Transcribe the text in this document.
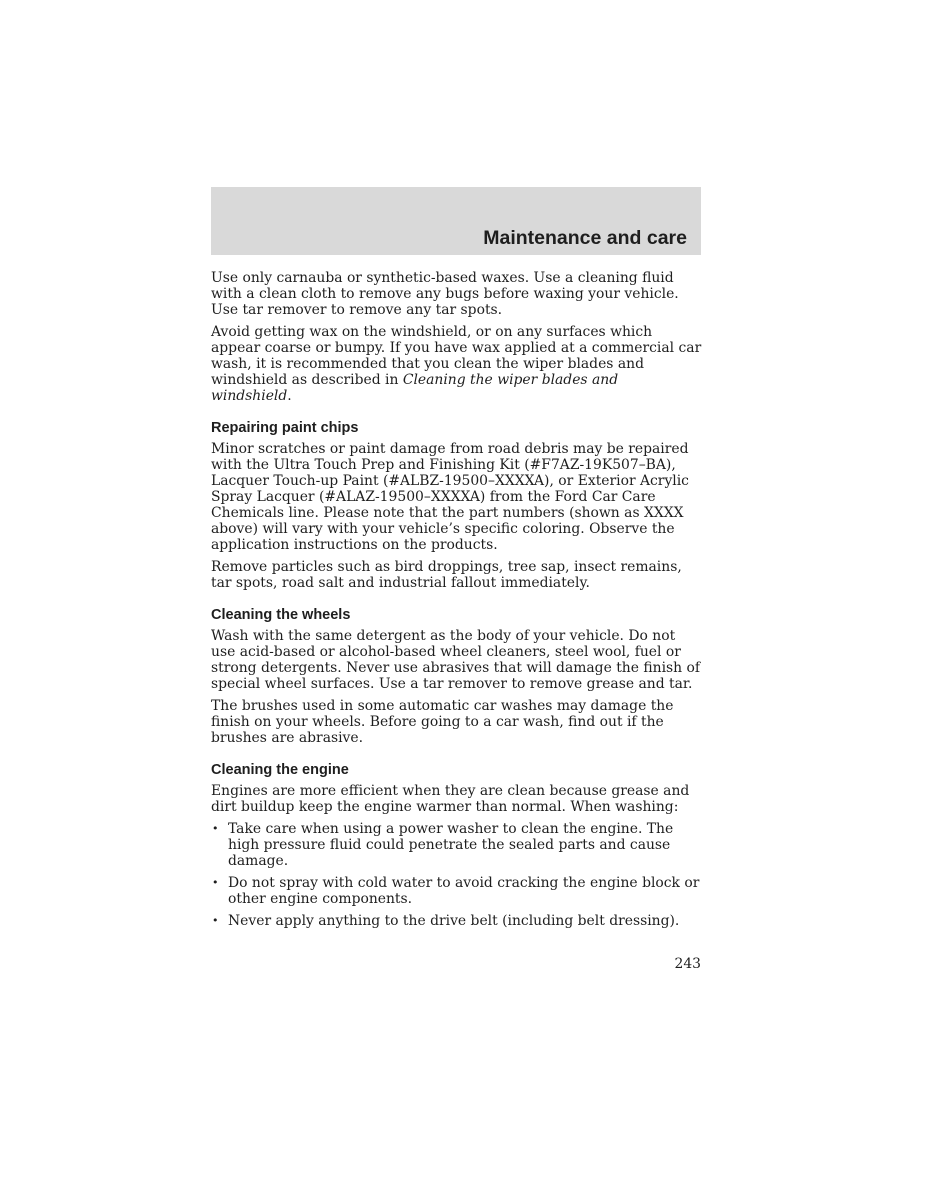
Maintenance and care

Use only carnauba or synthetic-based waxes. Use a cleaning fluid with a clean cloth to remove any bugs before waxing your vehicle. Use tar remover to remove any tar spots.

Avoid getting wax on the windshield, or on any surfaces which appear coarse or bumpy. If you have wax applied at a commercial car wash, it is recommended that you clean the wiper blades and windshield as described in Cleaning the wiper blades and windshield.

Repairing paint chips

Minor scratches or paint damage from road debris may be repaired with the Ultra Touch Prep and Finishing Kit (#F7AZ-19K507–BA), Lacquer Touch-up Paint (#ALBZ-19500–XXXXA), or Exterior Acrylic Spray Lacquer (#ALAZ-19500–XXXXA) from the Ford Car Care Chemicals line. Please note that the part numbers (shown as XXXX above) will vary with your vehicle’s specific coloring. Observe the application instructions on the products.

Remove particles such as bird droppings, tree sap, insect remains, tar spots, road salt and industrial fallout immediately.

Cleaning the wheels

Wash with the same detergent as the body of your vehicle. Do not use acid-based or alcohol-based wheel cleaners, steel wool, fuel or strong detergents. Never use abrasives that will damage the finish of special wheel surfaces. Use a tar remover to remove grease and tar.

The brushes used in some automatic car washes may damage the finish on your wheels. Before going to a car wash, find out if the brushes are abrasive.

Cleaning the engine

Engines are more efficient when they are clean because grease and dirt buildup keep the engine warmer than normal. When washing:

• Take care when using a power washer to clean the engine. The high pressure fluid could penetrate the sealed parts and cause damage.
• Do not spray with cold water to avoid cracking the engine block or other engine components.
• Never apply anything to the drive belt (including belt dressing).
243
